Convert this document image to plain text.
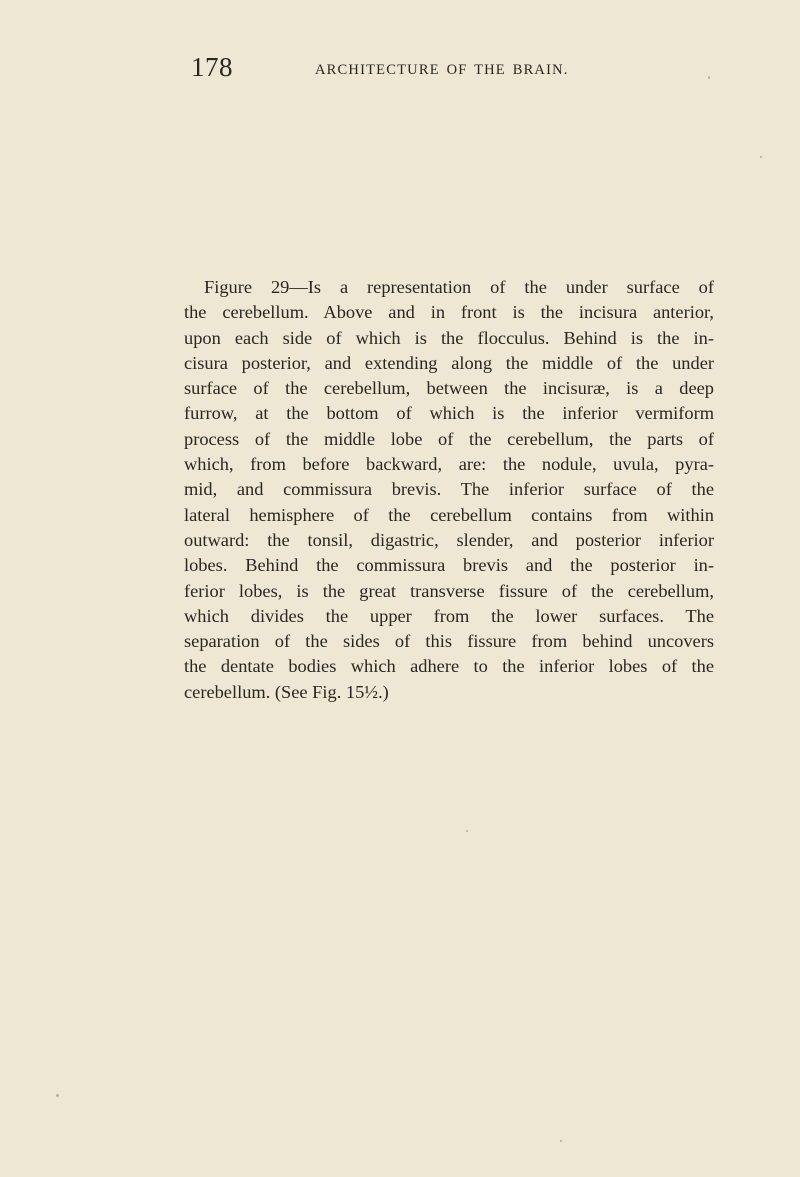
178	ARCHITECTURE OF THE BRAIN.
Figure 29—Is a representation of the under surface of
the cerebellum. Above and in front is the incisura anterior,
upon each side of which is the flocculus. Behind is the in-
cisura posterior, and extending along the middle of the under
surface of the cerebellum, between the incisuræ, is a deep
furrow, at the bottom of which is the inferior vermiform
process of the middle lobe of the cerebellum, the parts of
which, from before backward, are: the nodule, uvula, pyra-
mid, and commissura brevis. The inferior surface of the
lateral hemisphere of the cerebellum contains from within
outward: the tonsil, digastric, slender, and posterior inferior
lobes. Behind the commissura brevis and the posterior in-
ferior lobes, is the great transverse fissure of the cerebellum,
which divides the upper from the lower surfaces. The
separation of the sides of this fissure from behind uncovers
the dentate bodies which adhere to the inferior lobes of the
cerebellum. (See Fig. 15½.)
